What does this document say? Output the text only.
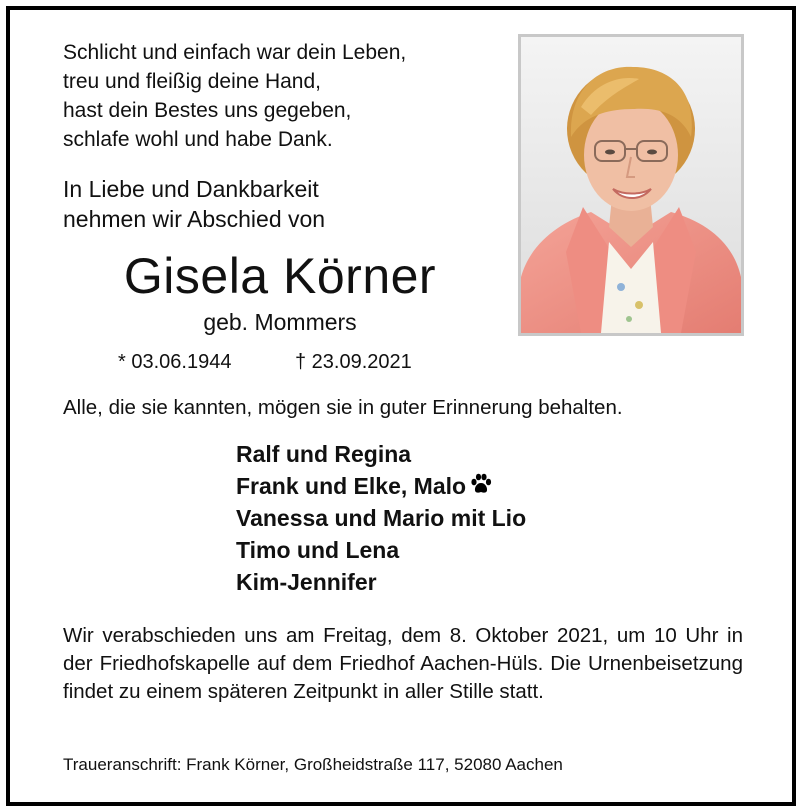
Schlicht und einfach war dein Leben,
treu und fleißig deine Hand,
hast dein Bestes uns gegeben,
schlafe wohl und habe Dank.
In Liebe und Dankbarkeit
nehmen wir Abschied von
Gisela Körner
geb. Mommers
* 03.06.1944	† 23.09.2021
Alle, die sie kannten, mögen sie in guter Erinnerung behalten.
Ralf und Regina
Frank und Elke, Malo
Vanessa und Mario mit Lio
Timo und Lena
Kim-Jennifer
Wir verabschieden uns am Freitag, dem 8. Oktober 2021, um 10 Uhr in der Friedhofskapelle auf dem Friedhof Aachen-Hüls. Die Urnenbeisetzung findet zu einem späteren Zeitpunkt in aller Stille statt.
Traueranschrift: Frank Körner, Großheidstraße 117, 52080 Aachen
